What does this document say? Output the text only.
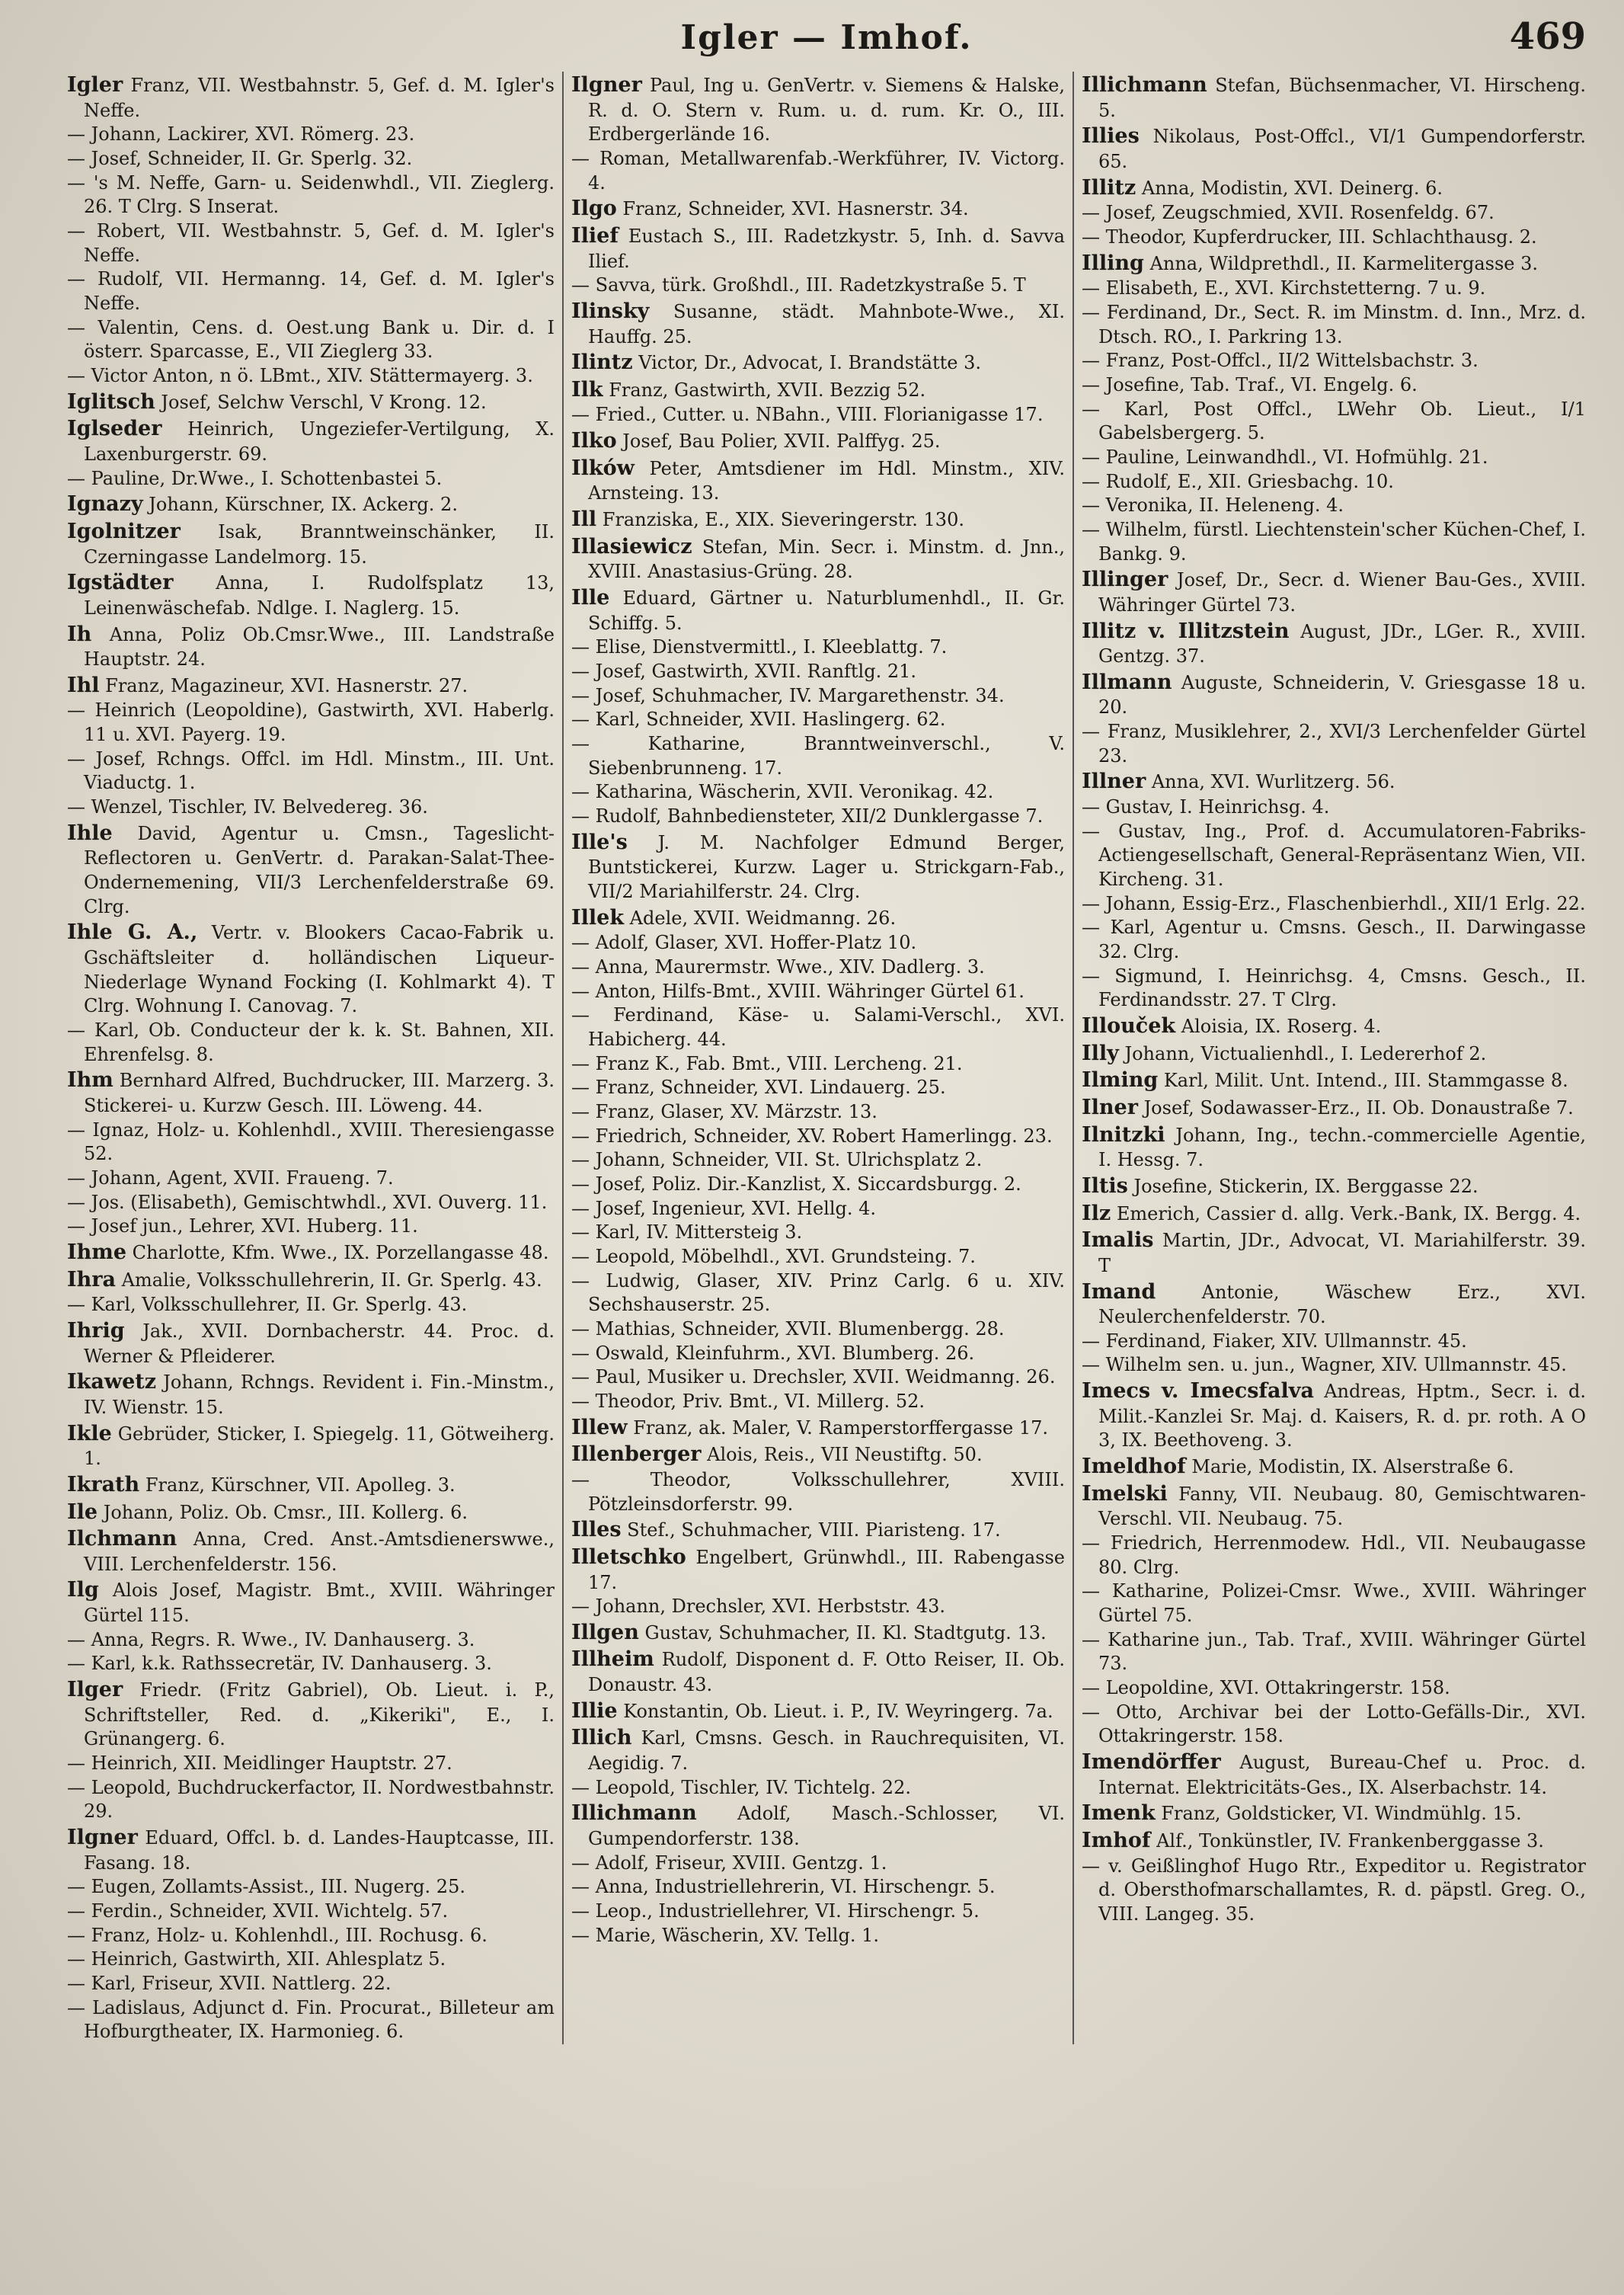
Igler — Imhof.	469

Igler Franz, VII. Westbahnstr. 5, Gef. d. M. Igler's Neffe.

— Johann, Lackirer, XVI. Römerg. 23.

— Josef, Schneider, II. Gr. Sperlg. 32.

— 's M. Neffe, Garn- u. Seidenwhdl., VII. Zieglerg. 26. T Clrg. S Inserat.

— Robert, VII. Westbahnstr. 5, Gef. d. M. Igler's Neffe.

— Rudolf, VII. Hermanng. 14, Gef. d. M. Igler's Neffe.

— Valentin, Cens. d. Oest.ung Bank u. Dir. d. I österr. Sparcasse, E., VII Zieglerg 33.

— Victor Anton, n ö. LBmt., XIV. Stättermayerg. 3.

Iglitsch Josef, Selchw Verschl, V Krong. 12.

Iglseder Heinrich, Ungeziefer-Vertilgung, X. Laxenburgerstr. 69.

— Pauline, Dr.Wwe., I. Schottenbastei 5.

Ignazy Johann, Kürschner, IX. Ackerg. 2.

Igolnitzer Isak, Branntweinschänker, II. Czerningasse Landelmorg. 15.

Igstädter Anna, I. Rudolfsplatz 13, Leinenwäschefab. Ndlge. I. Naglerg. 15.

Ih Anna, Poliz Ob.Cmsr.Wwe., III. Landstraße Hauptstr. 24.

Ihl Franz, Magazineur, XVI. Hasnerstr. 27.

— Heinrich (Leopoldine), Gastwirth, XVI. Haberlg. 11 u. XVI. Payerg. 19.

— Josef, Rchngs. Offcl. im Hdl. Minstm., III. Unt. Viaductg. 1.

— Wenzel, Tischler, IV. Belvedereg. 36.

Ihle David, Agentur u. Cmsn., Tageslicht-Reflectoren u. GenVertr. d. Parakan-Salat-Thee-Ondernemening, VII/3 Lerchenfelderstraße 69. Clrg.

Ihle G. A., Vertr. v. Blookers Cacao-Fabrik u. Gschäftsleiter d. holländischen Liqueur-Niederlage Wynand Focking (I. Kohlmarkt 4). T Clrg. Wohnung I. Canovag. 7.

— Karl, Ob. Conducteur der k. k. St. Bahnen, XII. Ehrenfelsg. 8.

Ihm Bernhard Alfred, Buchdrucker, III. Marzerg. 3. Stickerei- u. Kurzw Gesch. III. Löweng. 44.

— Ignaz, Holz- u. Kohlenhdl., XVIII. Theresiengasse 52.

— Johann, Agent, XVII. Fraueng. 7.

— Jos. (Elisabeth), Gemischtwhdl., XVI. Ouverg. 11.

— Josef jun., Lehrer, XVI. Huberg. 11.

Ihme Charlotte, Kfm. Wwe., IX. Porzellangasse 48.

Ihra Amalie, Volksschullehrerin, II. Gr. Sperlg. 43.

— Karl, Volksschullehrer, II. Gr. Sperlg. 43.

Ihrig Jak., XVII. Dornbacherstr. 44. Proc. d. Werner & Pfleiderer.

Ikawetz Johann, Rchngs. Revident i. Fin.-Minstm., IV. Wienstr. 15.

Ikle Gebrüder, Sticker, I. Spiegelg. 11, Götweiherg. 1.

Ikrath Franz, Kürschner, VII. Apolleg. 3.

Ile Johann, Poliz. Ob. Cmsr., III. Kollerg. 6.

Ilchmann Anna, Cred. Anst.-Amtsdienerswwe., VIII. Lerchenfelderstr. 156.

Ilg Alois Josef, Magistr. Bmt., XVIII. Währinger Gürtel 115.

— Anna, Regrs. R. Wwe., IV. Danhauserg. 3.

— Karl, k.k. Rathssecretär, IV. Danhauserg. 3.

Ilger Friedr. (Fritz Gabriel), Ob. Lieut. i. P., Schriftsteller, Red. d. „Kikeriki", E., I. Grünangerg. 6.

— Heinrich, XII. Meidlinger Hauptstr. 27.

— Leopold, Buchdruckerfactor, II. Nordwestbahnstr. 29.

Ilgner Eduard, Offcl. b. d. Landes-Hauptcasse, III. Fasang. 18.

— Eugen, Zollamts-Assist., III. Nugerg. 25.

— Ferdin., Schneider, XVII. Wichtelg. 57.

— Franz, Holz- u. Kohlenhdl., III. Rochusg. 6.

— Heinrich, Gastwirth, XII. Ahlesplatz 5.

— Karl, Friseur, XVII. Nattlerg. 22.

— Ladislaus, Adjunct d. Fin. Procurat., Billeteur am Hofburgtheater, IX. Harmonieg. 6.

Ilgner Paul, Ing u. GenVertr. v. Siemens & Halske, R. d. O. Stern v. Rum. u. d. rum. Kr. O., III. Erdbergerlände 16.

— Roman, Metallwarenfab.-Werkführer, IV. Victorg. 4.

Ilgo Franz, Schneider, XVI. Hasnerstr. 34.

Ilief Eustach S., III. Radetzkystr. 5, Inh. d. Savva Ilief.

— Savva, türk. Großhdl., III. Radetzkystraße 5. T

Ilinsky Susanne, städt. Mahnbote-Wwe., XI. Hauffg. 25.

Ilintz Victor, Dr., Advocat, I. Brandstätte 3.

Ilk Franz, Gastwirth, XVII. Bezzig 52.

— Fried., Cutter. u. NBahn., VIII. Florianigasse 17.

Ilko Josef, Bau Polier, XVII. Palffyg. 25.

Ilków Peter, Amtsdiener im Hdl. Minstm., XIV. Arnsteing. 13.

Ill Franziska, E., XIX. Sieveringerstr. 130.

Illasiewicz Stefan, Min. Secr. i. Minstm. d. Jnn., XVIII. Anastasius-Grüng. 28.

Ille Eduard, Gärtner u. Naturblumenhdl., II. Gr. Schiffg. 5.

— Elise, Dienstvermittl., I. Kleeblattg. 7.

— Josef, Gastwirth, XVII. Ranftlg. 21.

— Josef, Schuhmacher, IV. Margarethenstr. 34.

— Karl, Schneider, XVII. Haslingerg. 62.

— Katharine, Branntweinverschl., V. Siebenbrunneng. 17.

— Katharina, Wäscherin, XVII. Veronikag. 42.

— Rudolf, Bahnbediensteter, XII/2 Dunklergasse 7.

Ille's J. M. Nachfolger Edmund Berger, Buntstickerei, Kurzw. Lager u. Strickgarn-Fab., VII/2 Mariahilferstr. 24. Clrg.

Illek Adele, XVII. Weidmanng. 26.

— Adolf, Glaser, XVI. Hoffer-Platz 10.

— Anna, Maurermstr. Wwe., XIV. Dadlerg. 3.

— Anton, Hilfs-Bmt., XVIII. Währinger Gürtel 61.

— Ferdinand, Käse- u. Salami-Verschl., XVI. Habicherg. 44.

— Franz K., Fab. Bmt., VIII. Lercheng. 21.

— Franz, Schneider, XVI. Lindauerg. 25.

— Franz, Glaser, XV. Märzstr. 13.

— Friedrich, Schneider, XV. Robert Hamerlingg. 23.

— Johann, Schneider, VII. St. Ulrichsplatz 2.

— Josef, Poliz. Dir.-Kanzlist, X. Siccardsburgg. 2.

— Josef, Ingenieur, XVI. Hellg. 4.

— Karl, IV. Mittersteig 3.

— Leopold, Möbelhdl., XVI. Grundsteing. 7.

— Ludwig, Glaser, XIV. Prinz Carlg. 6 u. XIV. Sechshauserstr. 25.

— Mathias, Schneider, XVII. Blumenbergg. 28.

— Oswald, Kleinfuhrm., XVI. Blumberg. 26.

— Paul, Musiker u. Drechsler, XVII. Weidmanng. 26.

— Theodor, Priv. Bmt., VI. Millerg. 52.

Illew Franz, ak. Maler, V. Ramperstorffergasse 17.

Illenberger Alois, Reis., VII Neustiftg. 50.

— Theodor, Volksschullehrer, XVIII. Pötzleinsdorferstr. 99.

Illes Stef., Schuhmacher, VIII. Piaristeng. 17.

Illetschko Engelbert, Grünwhdl., III. Rabengasse 17.

— Johann, Drechsler, XVI. Herbststr. 43.

Illgen Gustav, Schuhmacher, II. Kl. Stadtgutg. 13.

Illheim Rudolf, Disponent d. F. Otto Reiser, II. Ob. Donaustr. 43.

Illie Konstantin, Ob. Lieut. i. P., IV. Weyringerg. 7a.

Illich Karl, Cmsns. Gesch. in Rauchrequisiten, VI. Aegidig. 7.

— Leopold, Tischler, IV. Tichtelg. 22.

Illichmann Adolf, Masch.-Schlosser, VI. Gumpendorferstr. 138.

— Adolf, Friseur, XVIII. Gentzg. 1.

— Anna, Industriellehrerin, VI. Hirschengr. 5.

— Leop., Industriellehrer, VI. Hirschengr. 5.

— Marie, Wäscherin, XV. Tellg. 1.

Illichmann Stefan, Büchsenmacher, VI. Hirscheng. 5.

Illies Nikolaus, Post-Offcl., VI/1 Gumpendorferstr. 65.

Illitz Anna, Modistin, XVI. Deinerg. 6.

— Josef, Zeugschmied, XVII. Rosenfeldg. 67.

— Theodor, Kupferdrucker, III. Schlachthausg. 2.

Illing Anna, Wildprethdl., II. Karmelitergasse 3.

— Elisabeth, E., XVI. Kirchstetterng. 7 u. 9.

— Ferdinand, Dr., Sect. R. im Minstm. d. Inn., Mrz. d. Dtsch. RO., I. Parkring 13.

— Franz, Post-Offcl., II/2 Wittelsbachstr. 3.

— Josefine, Tab. Traf., VI. Engelg. 6.

— Karl, Post Offcl., LWehr Ob. Lieut., I/1 Gabelsbergerg. 5.

— Pauline, Leinwandhdl., VI. Hofmühlg. 21.

— Rudolf, E., XII. Griesbachg. 10.

— Veronika, II. Heleneng. 4.

— Wilhelm, fürstl. Liechtenstein'scher Küchen-Chef, I. Bankg. 9.

Illinger Josef, Dr., Secr. d. Wiener Bau-Ges., XVIII. Währinger Gürtel 73.

Illitz v. Illitzstein August, JDr., LGer. R., XVIII. Gentzg. 37.

Illmann Auguste, Schneiderin, V. Griesgasse 18 u. 20.

— Franz, Musiklehrer, 2., XVI/3 Lerchenfelder Gürtel 23.

Illner Anna, XVI. Wurlitzerg. 56.

— Gustav, I. Heinrichsg. 4.

— Gustav, Ing., Prof. d. Accumulatoren-Fabriks-Actiengesellschaft, General-Repräsentanz Wien, VII. Kircheng. 31.

— Johann, Essig-Erz., Flaschenbierhdl., XII/1 Erlg. 22.

— Karl, Agentur u. Cmsns. Gesch., II. Darwingasse 32. Clrg.

— Sigmund, I. Heinrichsg. 4, Cmsns. Gesch., II. Ferdinandsstr. 27. T Clrg.

Illouček Aloisia, IX. Roserg. 4.

Illy Johann, Victualienhdl., I. Ledererhof 2.

Ilming Karl, Milit. Unt. Intend., III. Stammgasse 8.

Ilner Josef, Sodawasser-Erz., II. Ob. Donaustraße 7.

Ilnitzki Johann, Ing., techn.-commercielle Agentie, I. Hessg. 7.

Iltis Josefine, Stickerin, IX. Berggasse 22.

Ilz Emerich, Cassier d. allg. Verk.-Bank, IX. Bergg. 4.

Imalis Martin, JDr., Advocat, VI. Mariahilferstr. 39. T

Imand	Antonie, Wäschew Erz., XVI. Neulerchenfelderstr. 70.

— Ferdinand, Fiaker, XIV. Ullmannstr. 45.

— Wilhelm sen. u. jun., Wagner, XIV. Ullmannstr. 45.

Imecs v. Imecsfalva Andreas, Hptm., Secr. i. d. Milit.-Kanzlei Sr. Maj. d. Kaisers, R. d. pr. roth. A O 3, IX. Beethoveng. 3.

Imeldhof Marie, Modistin, IX. Alserstraße 6.

Imelski Fanny, VII. Neubaug. 80, Gemischtwaren-Verschl. VII. Neubaug. 75.

— Friedrich, Herrenmodew. Hdl., VII. Neubaugasse 80. Clrg.

— Katharine, Polizei-Cmsr. Wwe., XVIII. Währinger Gürtel 75.

— Katharine jun., Tab. Traf., XVIII. Währinger Gürtel 73.

— Leopoldine, XVI. Ottakringerstr. 158.

— Otto, Archivar bei der Lotto-Gefälls-Dir., XVI. Ottakringerstr. 158.

Imendörffer August, Bureau-Chef u. Proc. d. Internat. Elektricitäts-Ges., IX. Alserbachstr. 14.

Imenk Franz, Goldsticker, VI. Windmühlg. 15.

Imhof Alf., Tonkünstler, IV. Frankenberggasse 3.

— v. Geißlinghof Hugo Rtr., Expeditor u. Registrator d. Obersthofmarschallamtes, R. d. päpstl. Greg. O., VIII. Langeg. 35.
